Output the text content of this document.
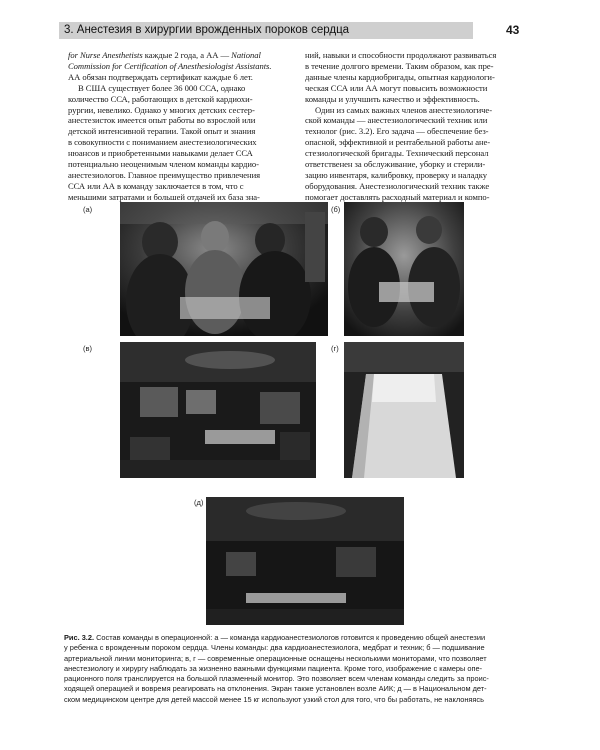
3. Анестезия в хирургии врожденных пороков сердца	43
for Nurse Anesthetists каждые 2 года, а АА — National
Commission for Certification of Anesthesiologist Assistants.
АА обязан подтверждать сертификат каждые 6 лет.
В США существует более 36 000 ССА, однако
количество ССА, работающих в детской кардиохи-
рургии, невелико. Однако у многих детских сестер-
анестезисток имеется опыт работы во взрослой или
детской интенсивной терапии. Такой опыт и знания
в совокупности с пониманием анестезиологических
нюансов и приобретенными навыками делает ССА
потенциально неоценимым членом команды кардио-
анестезиологов. Главное преимущество привлечения
ССА или АА в команду заключается в том, что с
меньшими затратами и большей отдачей их база зна-
ний, навыки и способности продолжают развиваться
в течение долгого времени. Таким образом, как пре-
данные члены кардиобригады, опытная кардиологи-
ческая ССА или АА могут повысить возможности
команды и улучшить качество и эффективность.
Один из самых важных членов анестезиологиче-
ской команды — анестезиологический техник или
технолог (рис. 3.2). Его задача — обеспечение без-
опасной, эффективной и рентабельной работы ане-
стезиологической бригады. Технический персонал
ответственен за обслуживание, уборку и стерили-
зацию инвентаря, калибровку, проверку и наладку
оборудования. Анестезиологический техник также
помогает доставлять расходный материал и компо-
(а)	(б)
(в)	(г)
(д)
Рис. 3.2. Состав команды в операционной: а — команда кардиоанестезиологов готовится к проведению общей анестезии
у ребенка с врожденным пороком сердца. Члены команды: два кардиоанестезиолога, медбрат и техник; б — подшивание
артериальной линии мониторинга; в, г — современные операционные оснащены несколькими мониторами, что позволяет
анестезиологу и хирургу наблюдать за жизненно важными функциями пациента. Кроме того, изображение с камеры опе-
рационного поля транслируется на большой плазменный монитор. Это позволяет всем членам команды следить за проис-
ходящей операцией и вовремя реагировать на отклонения. Экран также установлен возле АИК; д — в Национальном дет-
ском медицинском центре для детей массой менее 15 кг используют узкий стол для того, что бы работать, не наклоняясь
